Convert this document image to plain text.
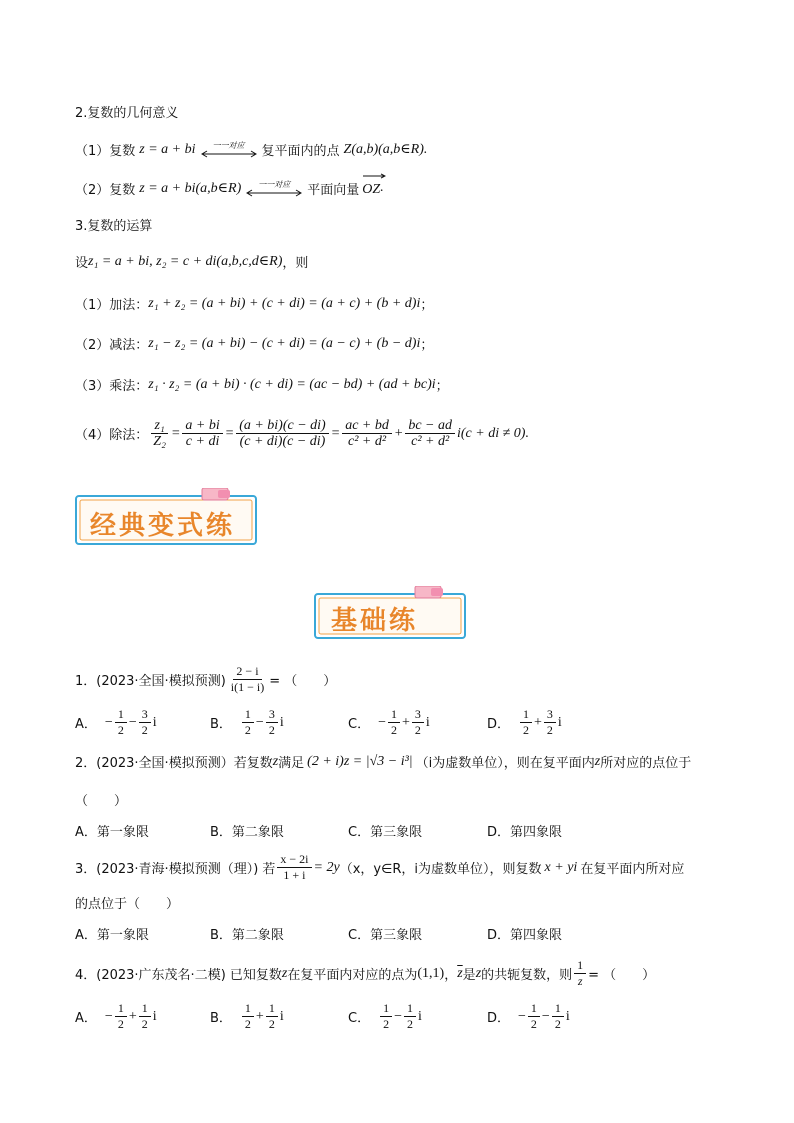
2.复数的几何意义
（1）复数 z = a + bi 一一对应 复平面内的点 Z(a,b)(a,b∈R) .
（2）复数 z = a + bi(a,b∈R) 一一对应 平面向量 OZ .
3.复数的运算
设 z₁ = a + bi, z₂ = c + di(a,b,c,d∈R) ，则
（1）加法： z₁ + z₂ = (a + bi) + (c + di) = (a + c) + (b + d)i ；
（2）减法： z₁ − z₂ = (a + bi) − (c + di) = (a − c) + (b − d)i ；
（3）乘法： z₁ · z₂ = (a + bi) · (c + di) = (ac − bd) + (ad + bc)i ；
（4）除法： $\frac{\text{z₁}}{\text{Z₂}} = \frac{a + bi}{c + di} = \frac{(a + bi)(c - di)}{(c + di)(c - di)} = \frac{ac + bd}{\text{c² + d²}} + \frac{bc - ad}{\text{c² + d²}} i(c$ + di ≠ 0) .
经典变式练
基础练
1．(2023·全国·模拟预测) $\frac{2 - i}{i(1 - i)}$ = （　　）
A． − $\frac{1}{2} - \frac{3}{2}$ i	B． $\frac{1}{2} - \frac{3}{2}$ i	C． − $\frac{1}{2} + \frac{3}{2}$ i	D． $\frac{1}{2} + \frac{3}{2}$ i
2．(2023·全国·模拟预测）若复数 z 满足 (2 + i)z = |√3 − i³| （i为虚数单位），则在复平面内 z 所对应的点位于
（　　）
A．第一象限	B．第二象限	C．第三象限	D．第四象限
3．(2023·青海·模拟预测（理）) 若 $\frac{x - 2i}{1 + i} = 2y$ （x，y∈R，i为虚数单位），则复数 x + yi 在复平面内所对应
的点位于（　　）
A．第一象限	B．第二象限	C．第三象限	D．第四象限
4．(2023·广东茂名·二模) 已知复数 z 在复平面内对应的点为 (1,1) ， $\overline{z}$ 是 z 的共轭复数，则 $\frac{1}{z}$ = （　　）
A． − $\frac{1}{2} + \frac{1}{2}$ i	B． $\frac{1}{2} + \frac{1}{2}$ i	C． $\frac{1}{2} - \frac{1}{2}$ i	D． − $\frac{1}{2} - \frac{1}{2}$ i
